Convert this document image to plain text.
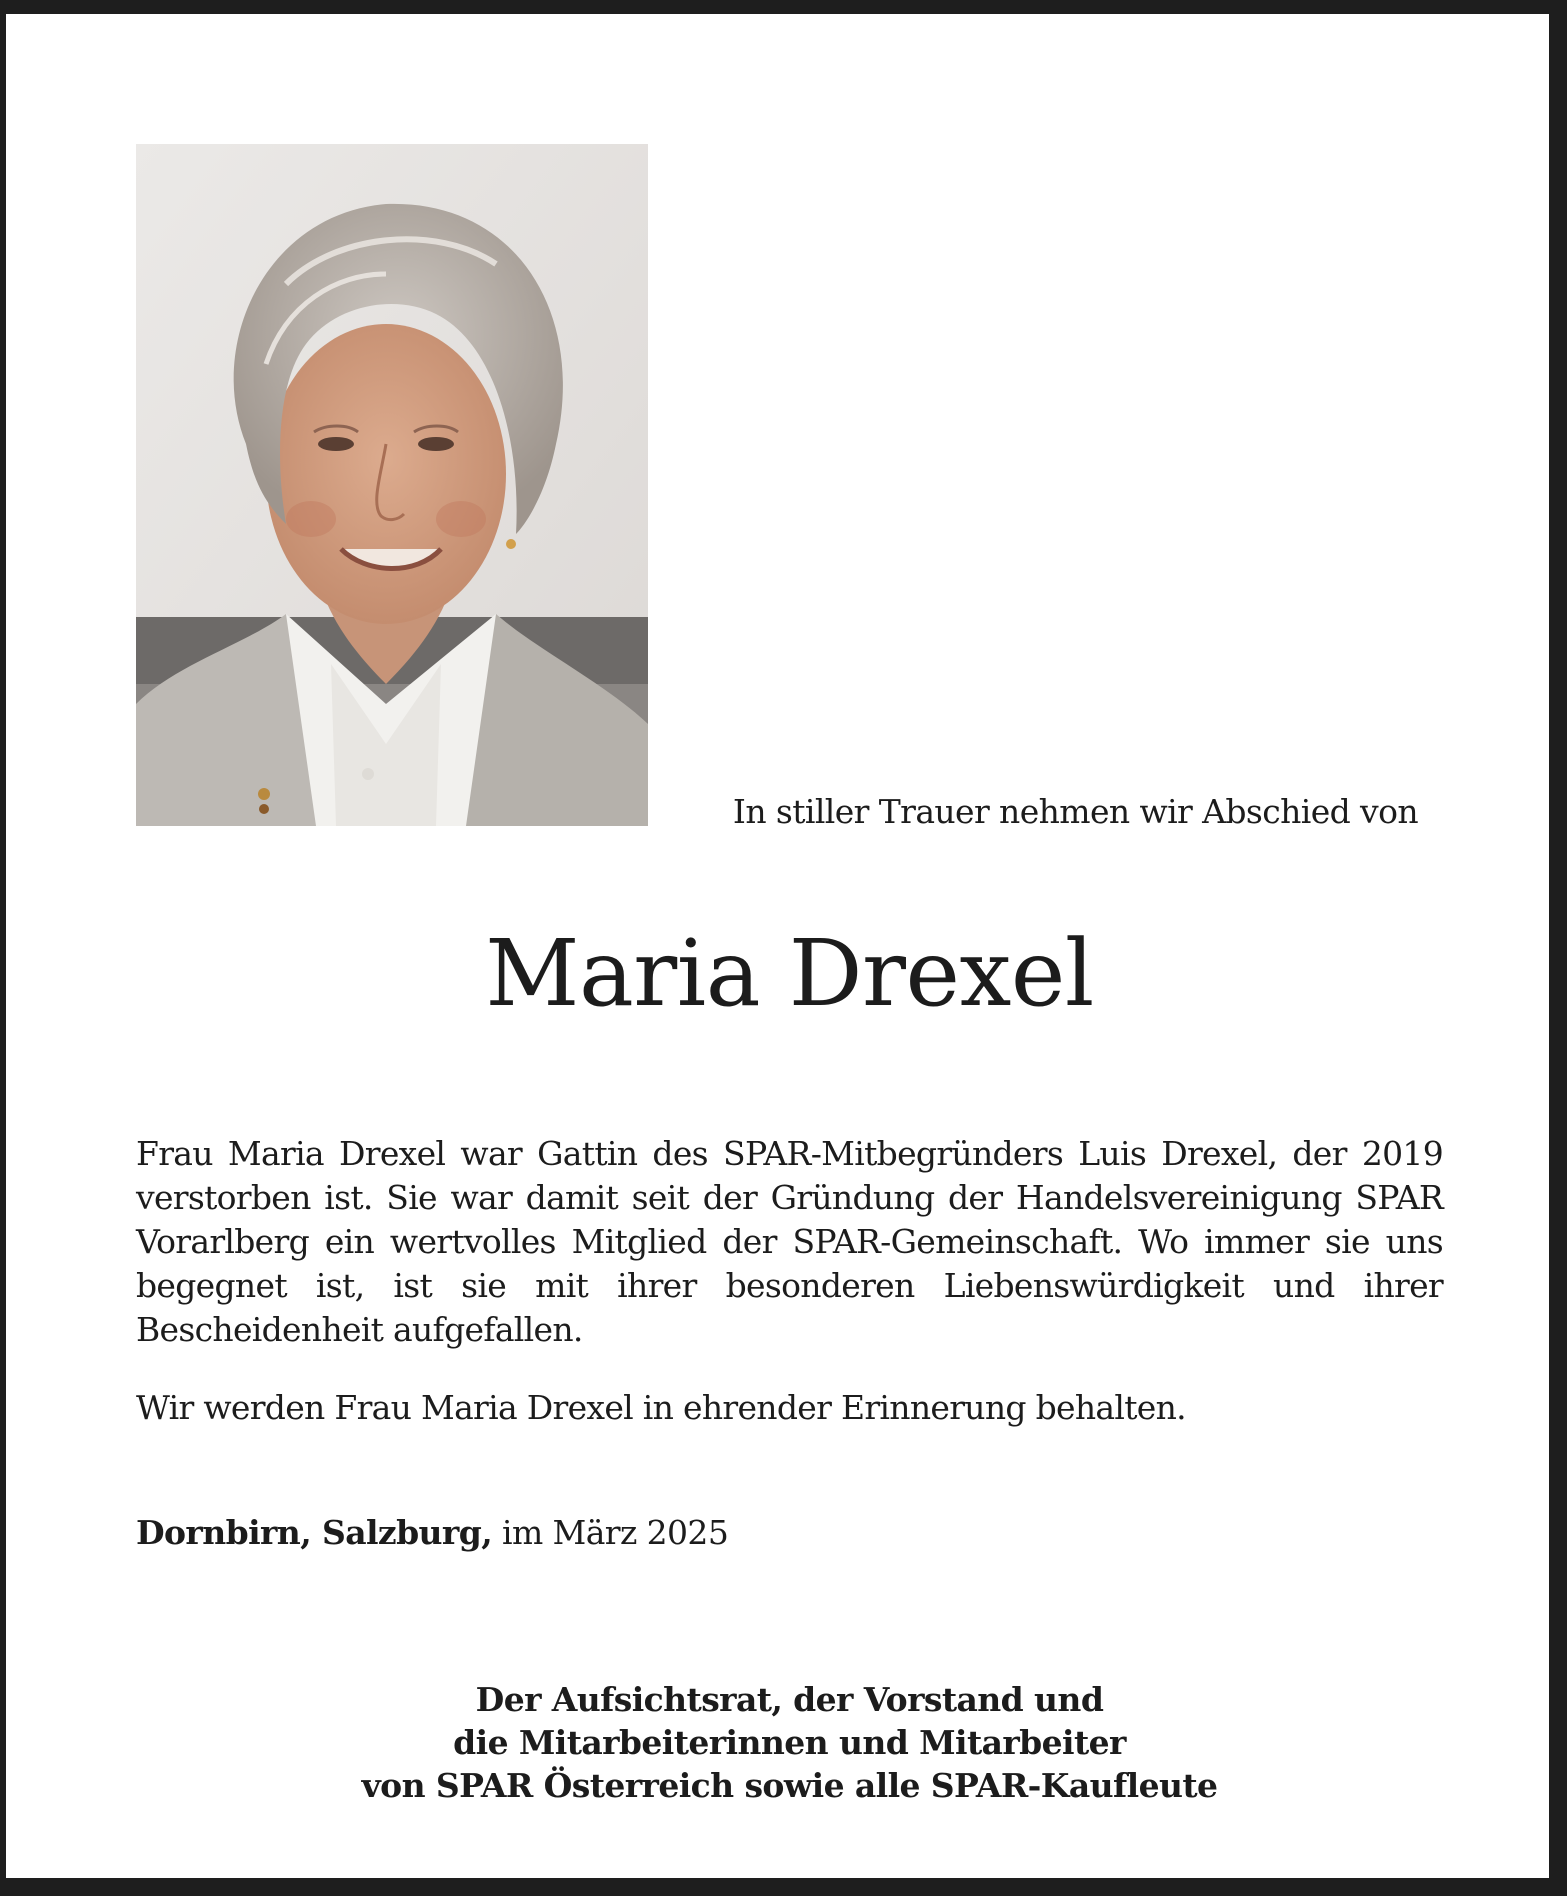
In stiller Trauer nehmen wir Abschied von
Maria Drexel

Frau Maria Drexel war Gattin des SPAR-Mitbegründers Luis Drexel, der 2019 verstorben ist. Sie war damit seit der Gründung der Handelsvereinigung SPAR Vorarlberg ein wertvolles Mitglied der SPAR-Gemeinschaft. Wo immer sie uns begegnet ist, ist sie mit ihrer besonderen Liebenswürdigkeit und ihrer Bescheidenheit aufgefallen.

Wir werden Frau Maria Drexel in ehrender Erinnerung behalten.

Dornbirn, Salzburg, im März 2025

Der Aufsichtsrat, der Vorstand und
die Mitarbeiterinnen und Mitarbeiter
von SPAR Österreich sowie alle SPAR-Kaufleute
